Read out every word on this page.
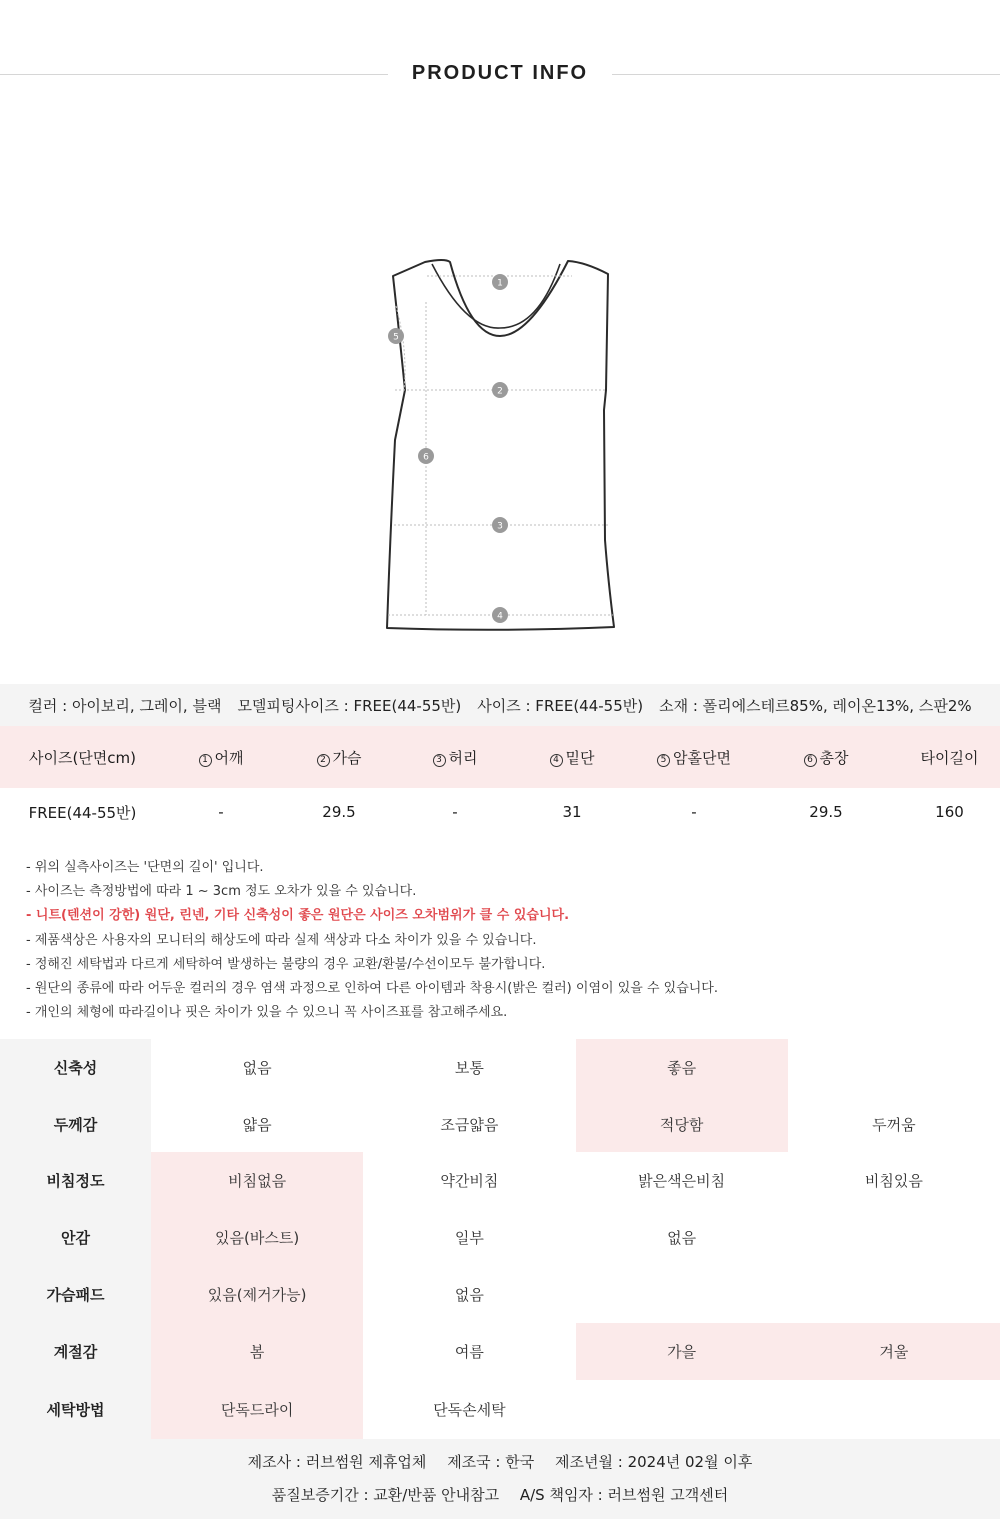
PRODUCT INFO
1
2
3
4
5
6
컬러 : 아이보리, 그레이, 블랙 모델피팅사이즈 : FREE(44-55반) 사이즈 : FREE(44-55반) 소재 : 폴리에스테르85%, 레이온13%, 스판2%
사이즈(단면cm)	1 어깨	2 가슴	3 허리	4 밑단	5 암홀단면	6 총장	타이길이
FREE(44-55반)	-	29.5	-	31	-	29.5	160
- 위의 실측사이즈는 '단면의 길이' 입니다.
- 사이즈는 측정방법에 따라 1 ~ 3cm 정도 오차가 있을 수 있습니다.
- 니트(텐션이 강한) 원단, 린넨, 기타 신축성이 좋은 원단은 사이즈 오차범위가 클 수 있습니다.
- 제품색상은 사용자의 모니터의 해상도에 따라 실제 색상과 다소 차이가 있을 수 있습니다.
- 정해진 세탁법과 다르게 세탁하여 발생하는 불량의 경우 교환/환불/수선이모두 불가합니다.
- 원단의 종류에 따라 어두운 컬러의 경우 염색 과정으로 인하여 다른 아이템과 착용시(밝은 컬러) 이염이 있을 수 있습니다.
- 개인의 체형에 따라길이나 핏은 차이가 있을 수 있으니 꼭 사이즈표를 참고해주세요.
신축성	없음	보통	좋음
두께감	얇음	조금얇음	적당함	두꺼움
비침정도	비침없음	약간비침	밝은색은비침	비침있음
안감	있음(바스트)	일부	없음
가슴패드	있음(제거가능)	없음
계절감	봄	여름	가을	겨울
세탁방법	단독드라이	단독손세탁
제조사 : 러브썸원 제휴업체 제조국 : 한국 제조년월 : 2024년 02월 이후
품질보증기간 : 교환/반품 안내참고 A/S 책임자 : 러브썸원 고객센터
